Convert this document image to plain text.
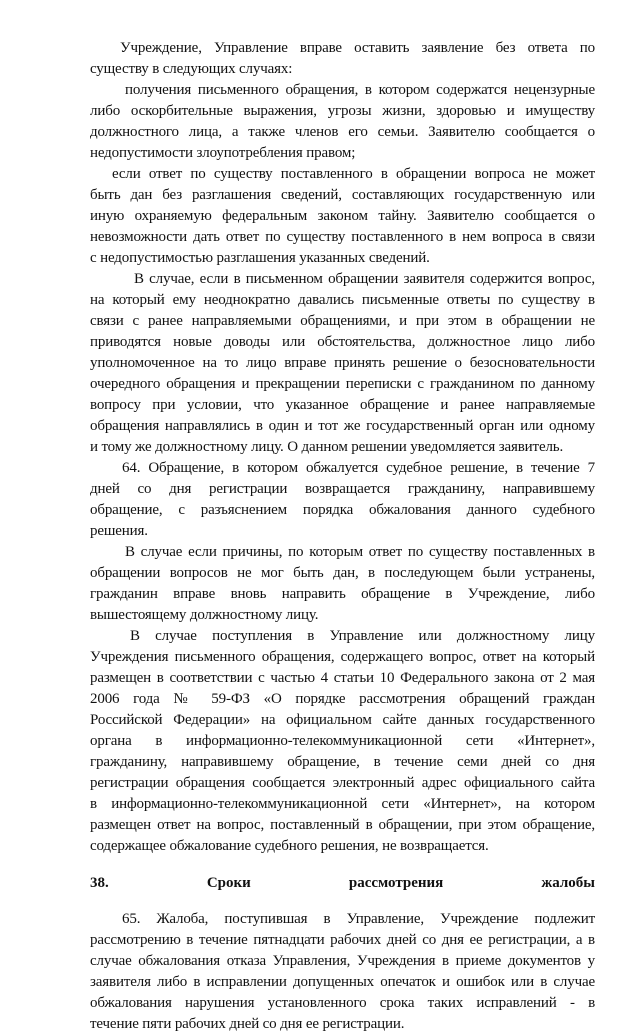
Учреждение, Управление вправе оставить заявление без ответа по
существу в следующих случаях:
получения письменного обращения, в котором содержатся нецензурные
либо оскорбительные выражения, угрозы жизни, здоровью и имуществу
должностного лица, а также членов его семьи. Заявителю сообщается о
недопустимости злоупотребления правом;
если ответ по существу поставленного в обращении вопроса не может
быть дан без разглашения сведений, составляющих государственную или
иную охраняемую федеральным законом тайну. Заявителю сообщается о
невозможности дать ответ по существу поставленного в нем вопроса в связи
с недопустимостью разглашения указанных сведений.
В случае, если в письменном обращении заявителя содержится вопрос,
на который ему неоднократно давались письменные ответы по существу в
связи с ранее направляемыми обращениями, и при этом в обращении не
приводятся новые доводы или обстоятельства, должностное лицо либо
уполномоченное на то лицо вправе принять решение о безосновательности
очередного обращения и прекращении переписки с гражданином по данному
вопросу при условии, что указанное обращение и ранее направляемые
обращения направлялись в один и тот же государственный орган или одному
и тому же должностному лицу. О данном решении уведомляется заявитель.
64. Обращение, в котором обжалуется судебное решение, в течение 7
дней со дня регистрации возвращается гражданину, направившему
обращение, с разъяснением порядка обжалования данного судебного
решения.
В случае если причины, по которым ответ по существу поставленных в
обращении вопросов не мог быть дан, в последующем были устранены,
гражданин вправе вновь направить обращение в Учреждение, либо
вышестоящему должностному лицу.
В случае поступления в Управление или должностному лицу
Учреждения письменного обращения, содержащего вопрос, ответ на который
размещен в соответствии с частью 4 статьи 10 Федерального закона от 2 мая
2006 года № 59-ФЗ «О порядке рассмотрения обращений граждан
Российской Федерации» на официальном сайте данных государственного
органа в информационно-телекоммуникационной сети «Интернет»,
гражданину, направившему обращение, в течение семи дней со дня
регистрации обращения сообщается электронный адрес официального сайта
в информационно-телекоммуникационной сети «Интернет», на котором
размещен ответ на вопрос, поставленный в обращении, при этом обращение,
содержащее обжалование судебного решения, не возвращается.
38. Сроки рассмотрения жалобы
65. Жалоба, поступившая в Управление, Учреждение подлежит
рассмотрению в течение пятнадцати рабочих дней со дня ее регистрации, а в
случае обжалования отказа Управления, Учреждения в приеме документов у
заявителя либо в исправлении допущенных опечаток и ошибок или в случае
обжалования нарушения установленного срока таких исправлений - в
течение пяти рабочих дней со дня ее регистрации.
